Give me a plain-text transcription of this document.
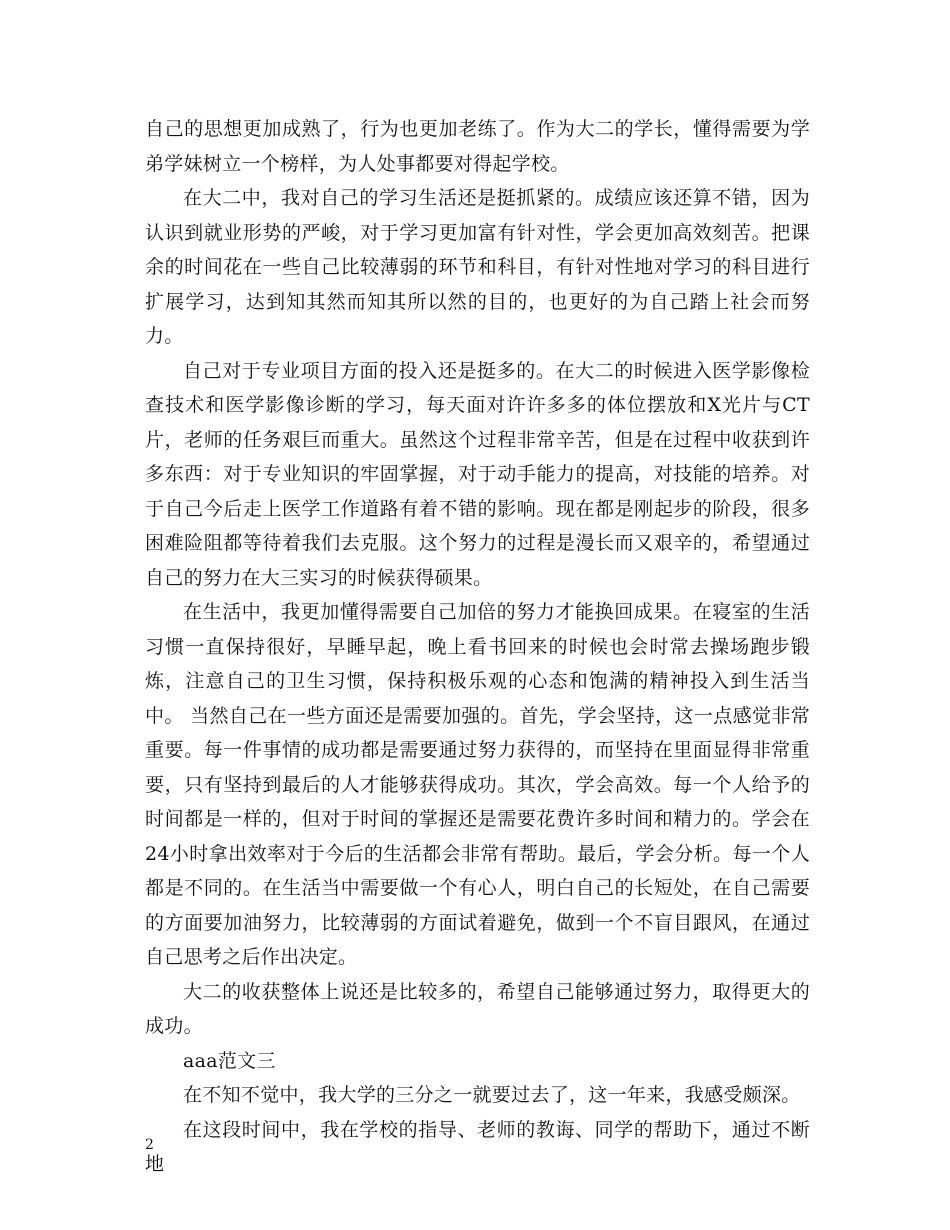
自己的思想更加成熟了，行为也更加老练了。作为大二的学长，懂得需要为学弟学妹树立一个榜样，为人处事都要对得起学校。

在大二中，我对自己的学习生活还是挺抓紧的。成绩应该还算不错，因为认识到就业形势的严峻，对于学习更加富有针对性，学会更加高效刻苦。把课余的时间花在一些自己比较薄弱的环节和科目，有针对性地对学习的科目进行扩展学习，达到知其然而知其所以然的目的，也更好的为自己踏上社会而努力。

自己对于专业项目方面的投入还是挺多的。在大二的时候进入医学影像检查技术和医学影像诊断的学习，每天面对许许多多的体位摆放和X光片与CT片，老师的任务艰巨而重大。虽然这个过程非常辛苦，但是在过程中收获到许多东西：对于专业知识的牢固掌握，对于动手能力的提高，对技能的培养。对于自己今后走上医学工作道路有着不错的影响。现在都是刚起步的阶段，很多困难险阻都等待着我们去克服。这个努力的过程是漫长而又艰辛的，希望通过自己的努力在大三实习的时候获得硕果。

在生活中，我更加懂得需要自己加倍的努力才能换回成果。在寝室的生活习惯一直保持很好，早睡早起，晚上看书回来的时候也会时常去操场跑步锻炼，注意自己的卫生习惯，保持积极乐观的心态和饱满的精神投入到生活当中。 当然自己在一些方面还是需要加强的。首先，学会坚持，这一点感觉非常重要。每一件事情的成功都是需要通过努力获得的，而坚持在里面显得非常重要，只有坚持到最后的人才能够获得成功。其次，学会高效。每一个人给予的时间都是一样的，但对于时间的掌握还是需要花费许多时间和精力的。学会在24小时拿出效率对于今后的生活都会非常有帮助。最后，学会分析。每一个人都是不同的。在生活当中需要做一个有心人，明白自己的长短处，在自己需要的方面要加油努力，比较薄弱的方面试着避免，做到一个不盲目跟风，在通过自己思考之后作出决定。

大二的收获整体上说还是比较多的，希望自己能够通过努力，取得更大的成功。

aaa范文三

在不知不觉中，我大学的三分之一就要过去了，这一年来，我感受颇深。

在这段时间中，我在学校的指导、老师的教诲、同学的帮助下，通过不断地

2
